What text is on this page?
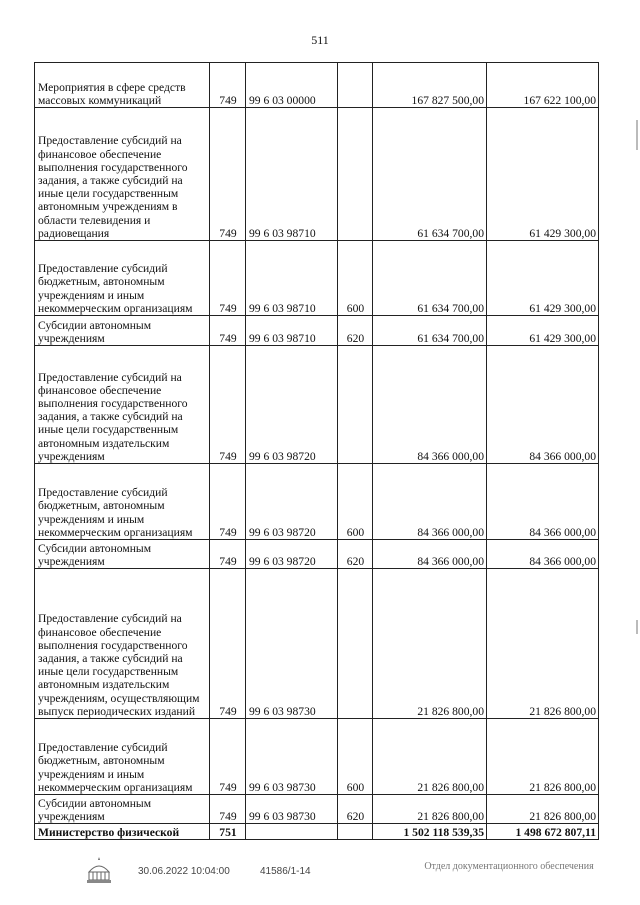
511
Мероприятия в сфере средств массовых коммуникаций	749	99 6 03 00000		167 827 500,00	167 622 100,00
Предоставление субсидий на финансовое обеспечение выполнения государственного задания, а также субсидий на иные цели государственным автономным учреждениям в области телевидения и радиовещания	749	99 6 03 98710		61 634 700,00	61 429 300,00
Предоставление субсидий бюджетным, автономным учреждениям и иным некоммерческим организациям	749	99 6 03 98710	600	61 634 700,00	61 429 300,00
Субсидии автономным учреждениям	749	99 6 03 98710	620	61 634 700,00	61 429 300,00
Предоставление субсидий на финансовое обеспечение выполнения государственного задания, а также субсидий на иные цели государственным автономным издательским учреждениям	749	99 6 03 98720		84 366 000,00	84 366 000,00
Предоставление субсидий бюджетным, автономным учреждениям и иным некоммерческим организациям	749	99 6 03 98720	600	84 366 000,00	84 366 000,00
Субсидии автономным учреждениям	749	99 6 03 98720	620	84 366 000,00	84 366 000,00
Предоставление субсидий на финансовое обеспечение выполнения государственного задания, а также субсидий на иные цели государственным автономным издательским учреждениям, осуществляющим выпуск периодических изданий	749	99 6 03 98730		21 826 800,00	21 826 800,00
Предоставление субсидий бюджетным, автономным учреждениям и иным некоммерческим организациям	749	99 6 03 98730	600	21 826 800,00	21 826 800,00
Субсидии автономным учреждениям	749	99 6 03 98730	620	21 826 800,00	21 826 800,00
Министерство физической	751			1 502 118 539,35	1 498 672 807,11
30.06.2022 10:04:00	41586/1-14	Отдел документационного обеспечения
